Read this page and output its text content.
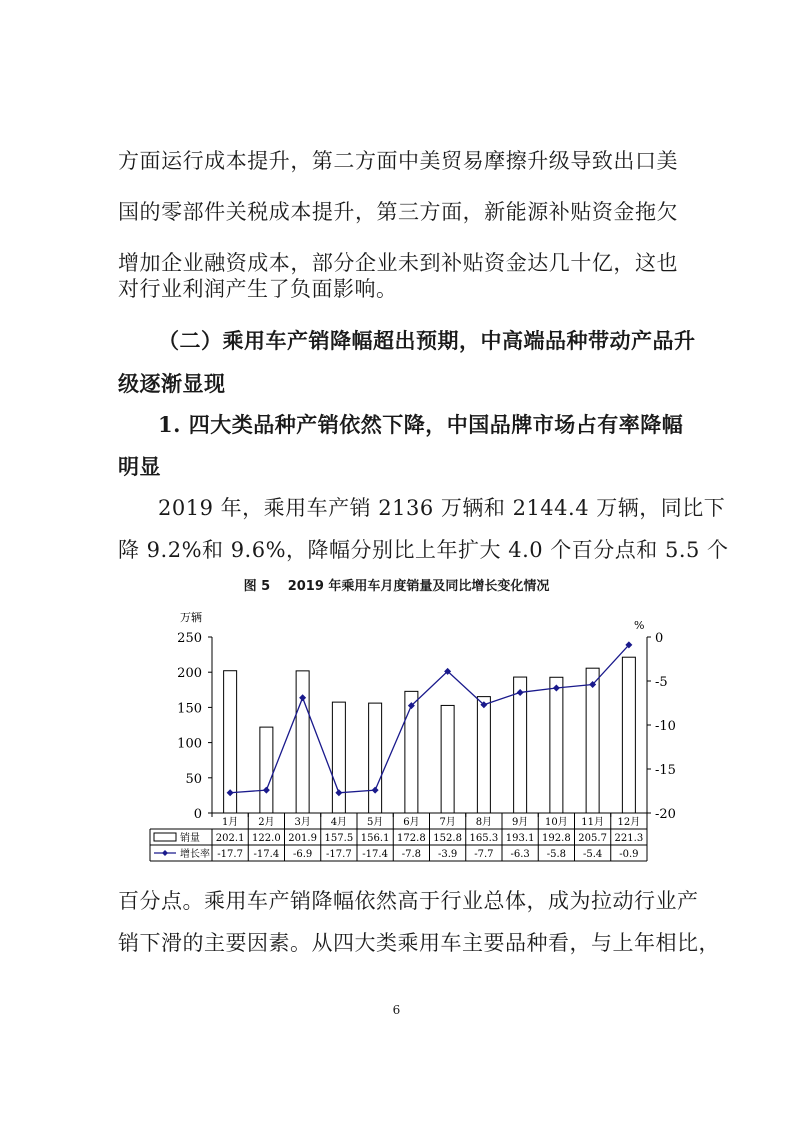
方面运行成本提升，第二方面中美贸易摩擦升级导致出口美
国的零部件关税成本提升，第三方面，新能源补贴资金拖欠
增加企业融资成本，部分企业未到补贴资金达几十亿，这也
对行业利润产生了负面影响。
（二）乘用车产销降幅超出预期，中高端品种带动产品升
级逐渐显现
1. 四大类品种产销依然下降，中国品牌市场占有率降幅
明显
2019 年，乘用车产销 2136 万辆和 2144.4 万辆，同比下
降 9.2%和 9.6%，降幅分别比上年扩大 4.0 个百分点和 5.5 个
图 5　 2019 年乘用车月度销量及同比增长变化情况
万辆
%
250
200
150
100
50
0
0
-5
-10
-15
-20
1月 2月 3月 4月 5月 6月 7月 8月 9月 10月 11月 12月
销量
增长率
202.1 122.0 201.9 157.5 156.1 172.8 152.8 165.3 193.1 192.8 205.7 221.3
-17.7 -17.4 -6.9 -17.7 -17.4 -7.8 -3.9 -7.7 -6.3 -5.8 -5.4 -0.9
百分点。乘用车产销降幅依然高于行业总体，成为拉动行业产
销下滑的主要因素。从四大类乘用车主要品种看，与上年相比，
6
